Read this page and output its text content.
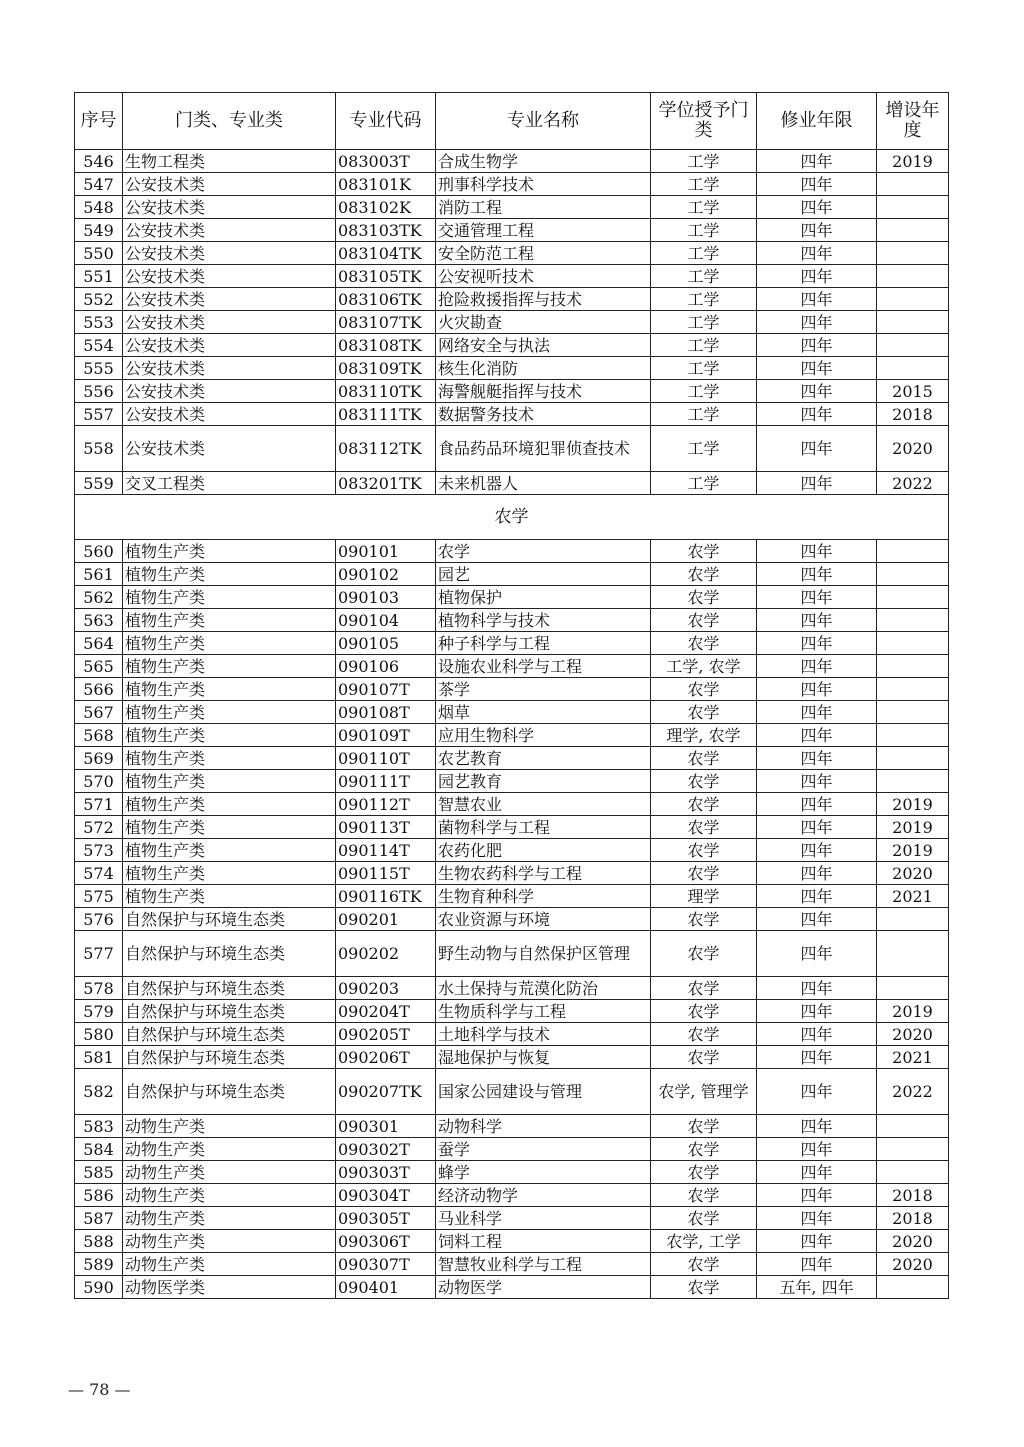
序号	门类、专业类	专业代码	专业名称	学位授予门类	修业年限	增设年度
546	生物工程类	083003T	合成生物学	工学	四年	2019
547	公安技术类	083101K	刑事科学技术	工学	四年	
548	公安技术类	083102K	消防工程	工学	四年	
549	公安技术类	083103TK	交通管理工程	工学	四年	
550	公安技术类	083104TK	安全防范工程	工学	四年	
551	公安技术类	083105TK	公安视听技术	工学	四年	
552	公安技术类	083106TK	抢险救援指挥与技术	工学	四年	
553	公安技术类	083107TK	火灾勘查	工学	四年	
554	公安技术类	083108TK	网络安全与执法	工学	四年	
555	公安技术类	083109TK	核生化消防	工学	四年	
556	公安技术类	083110TK	海警舰艇指挥与技术	工学	四年	2015
557	公安技术类	083111TK	数据警务技术	工学	四年	2018
558	公安技术类	083112TK	食品药品环境犯罪侦查技术	工学	四年	2020
559	交叉工程类	083201TK	未来机器人	工学	四年	2022
农学						
560	植物生产类	090101	农学	农学	四年	
561	植物生产类	090102	园艺	农学	四年	
562	植物生产类	090103	植物保护	农学	四年	
563	植物生产类	090104	植物科学与技术	农学	四年	
564	植物生产类	090105	种子科学与工程	农学	四年	
565	植物生产类	090106	设施农业科学与工程	工学, 农学	四年	
566	植物生产类	090107T	茶学	农学	四年	
567	植物生产类	090108T	烟草	农学	四年	
568	植物生产类	090109T	应用生物科学	理学, 农学	四年	
569	植物生产类	090110T	农艺教育	农学	四年	
570	植物生产类	090111T	园艺教育	农学	四年	
571	植物生产类	090112T	智慧农业	农学	四年	2019
572	植物生产类	090113T	菌物科学与工程	农学	四年	2019
573	植物生产类	090114T	农药化肥	农学	四年	2019
574	植物生产类	090115T	生物农药科学与工程	农学	四年	2020
575	植物生产类	090116TK	生物育种科学	理学	四年	2021
576	自然保护与环境生态类	090201	农业资源与环境	农学	四年	
577	自然保护与环境生态类	090202	野生动物与自然保护区管理	农学	四年	
578	自然保护与环境生态类	090203	水土保持与荒漠化防治	农学	四年	
579	自然保护与环境生态类	090204T	生物质科学与工程	农学	四年	2019
580	自然保护与环境生态类	090205T	土地科学与技术	农学	四年	2020
581	自然保护与环境生态类	090206T	湿地保护与恢复	农学	四年	2021
582	自然保护与环境生态类	090207TK	国家公园建设与管理	农学, 管理学	四年	2022
583	动物生产类	090301	动物科学	农学	四年	
584	动物生产类	090302T	蚕学	农学	四年	
585	动物生产类	090303T	蜂学	农学	四年	
586	动物生产类	090304T	经济动物学	农学	四年	2018
587	动物生产类	090305T	马业科学	农学	四年	2018
588	动物生产类	090306T	饲料工程	农学, 工学	四年	2020
589	动物生产类	090307T	智慧牧业科学与工程	农学	四年	2020
590	动物医学类	090401	动物医学	农学	五年, 四年	
— 78 —
